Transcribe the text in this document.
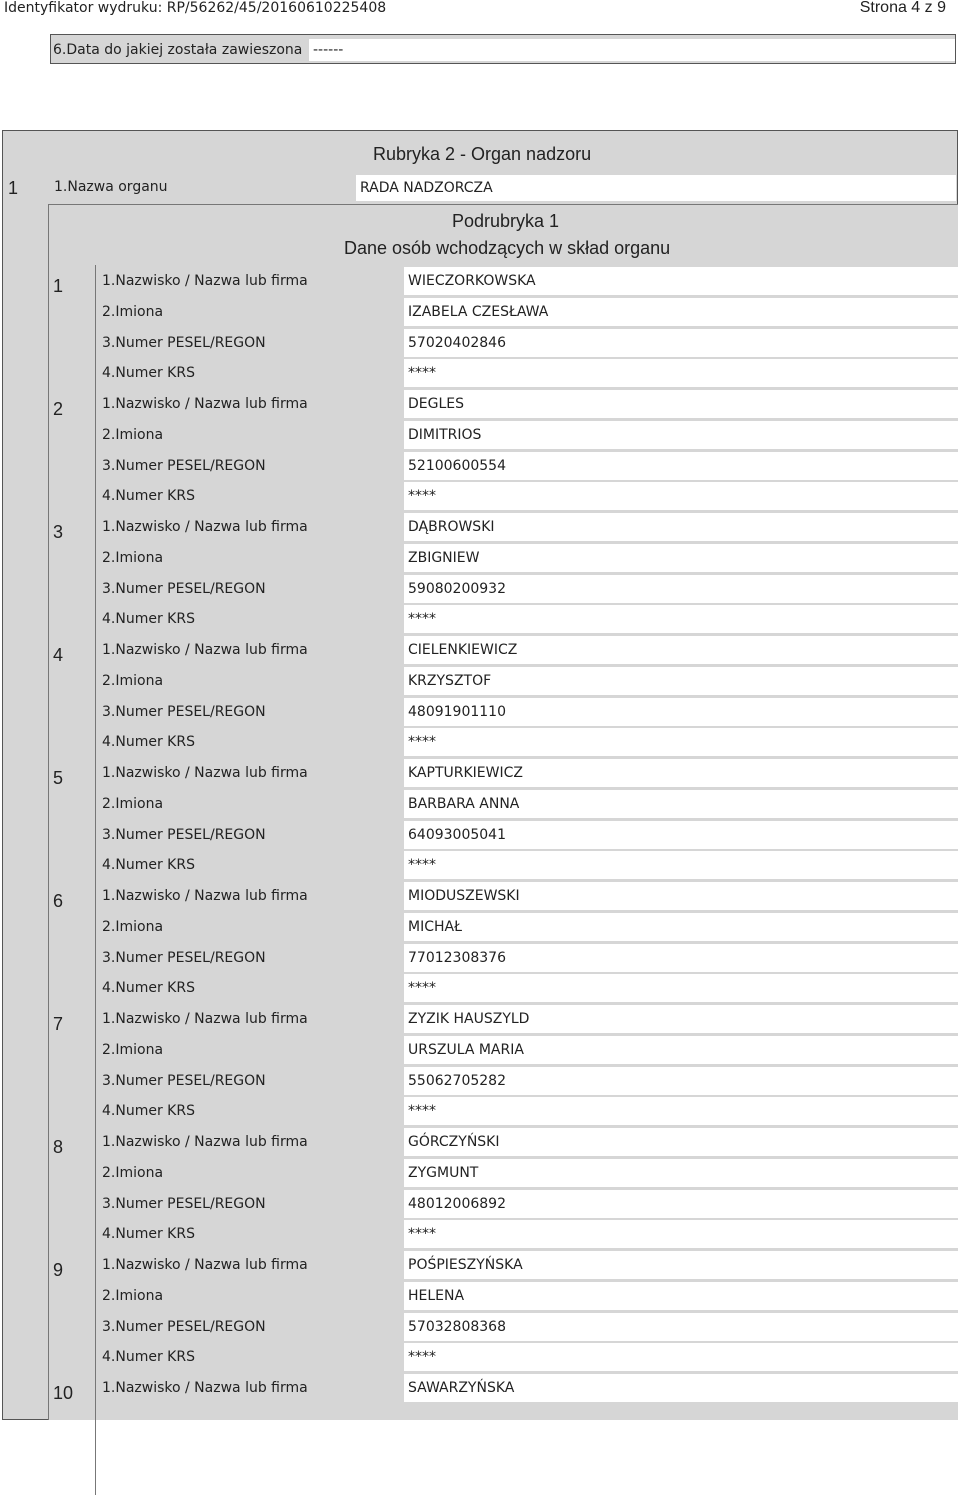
Identyfikator wydruku: RP/56262/45/20160610225408	Strona 4 z 9
6.Data do jakiej została zawieszona ------
Rubryka 2 - Organ nadzoru
1	1.Nazwa organu	RADA NADZORCZA
Podrubryka 1
Dane osób wchodzących w skład organu
1	1.Nazwisko / Nazwa lub firma	WIECZORKOWSKA
2.Imiona	IZABELA CZESŁAWA
3.Numer PESEL/REGON	57020402846
4.Numer KRS	****
2	1.Nazwisko / Nazwa lub firma	DEGLES
2.Imiona	DIMITRIOS
3.Numer PESEL/REGON	52100600554
4.Numer KRS	****
3	1.Nazwisko / Nazwa lub firma	DĄBROWSKI
2.Imiona	ZBIGNIEW
3.Numer PESEL/REGON	59080200932
4.Numer KRS	****
4	1.Nazwisko / Nazwa lub firma	CIELENKIEWICZ
2.Imiona	KRZYSZTOF
3.Numer PESEL/REGON	48091901110
4.Numer KRS	****
5	1.Nazwisko / Nazwa lub firma	KAPTURKIEWICZ
2.Imiona	BARBARA ANNA
3.Numer PESEL/REGON	64093005041
4.Numer KRS	****
6	1.Nazwisko / Nazwa lub firma	MIODUSZEWSKI
2.Imiona	MICHAŁ
3.Numer PESEL/REGON	77012308376
4.Numer KRS	****
7	1.Nazwisko / Nazwa lub firma	ZYZIK HAUSZYLD
2.Imiona	URSZULA MARIA
3.Numer PESEL/REGON	55062705282
4.Numer KRS	****
8	1.Nazwisko / Nazwa lub firma	GÓRCZYŃSKI
2.Imiona	ZYGMUNT
3.Numer PESEL/REGON	48012006892
4.Numer KRS	****
9	1.Nazwisko / Nazwa lub firma	POŚPIESZYŃSKA
2.Imiona	HELENA
3.Numer PESEL/REGON	57032808368
4.Numer KRS	****
10 1.Nazwisko / Nazwa lub firma	SAWARZYŃSKA
